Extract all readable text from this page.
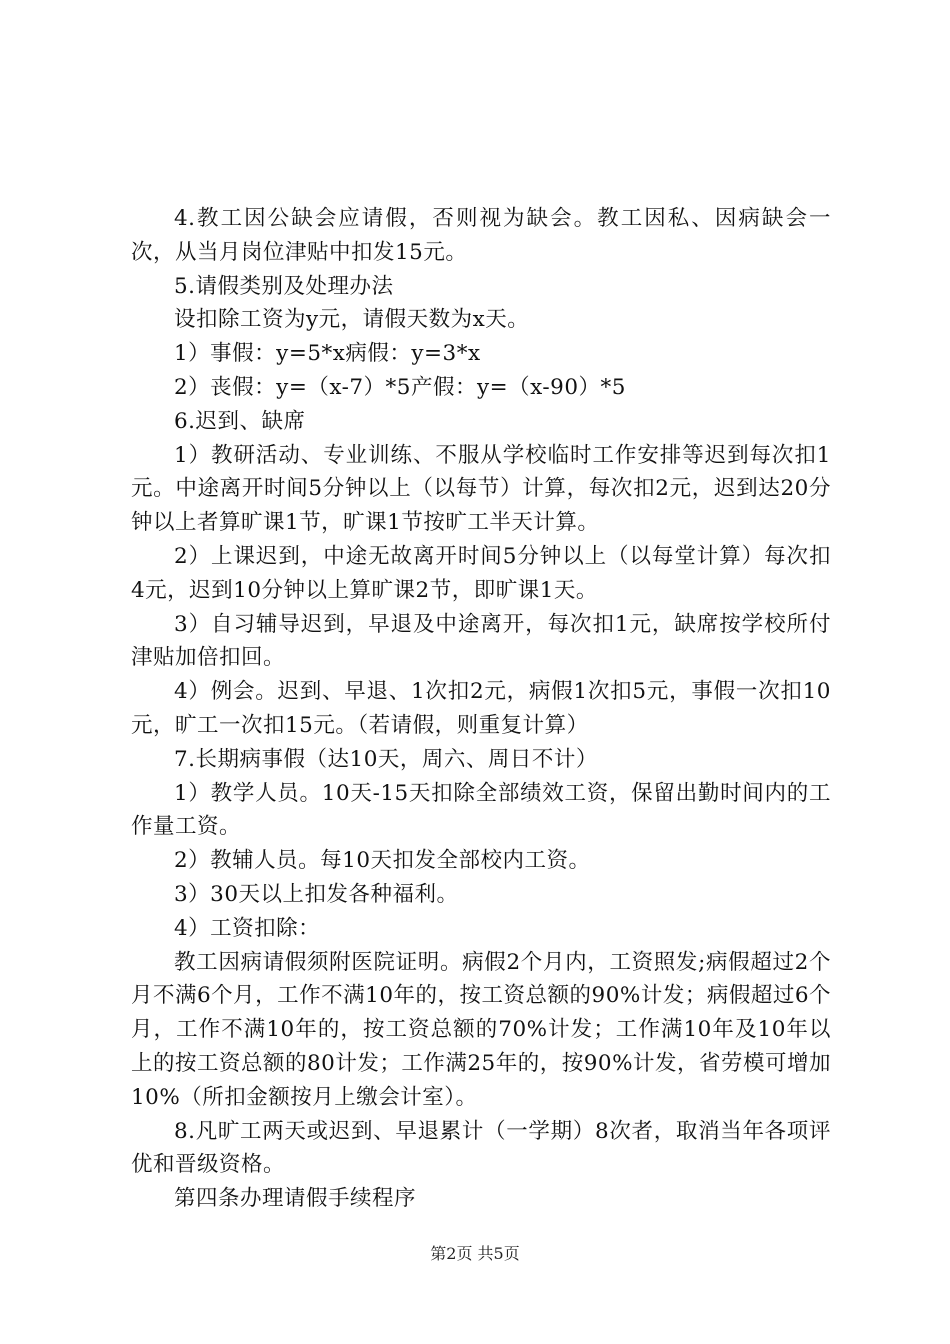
4.教工因公缺会应请假，否则视为缺会。教工因私、因病缺会一次，从当月岗位津贴中扣发15元。

5.请假类别及处理办法

设扣除工资为y元，请假天数为x天。

1）事假：y=5*x病假：y=3*x

2）丧假：y=（x-7）*5产假：y=（x-90）*5

6.迟到、缺席

1）教研活动、专业训练、不服从学校临时工作安排等迟到每次扣1元。中途离开时间5分钟以上（以每节）计算，每次扣2元，迟到达20分钟以上者算旷课1节，旷课1节按旷工半天计算。

2）上课迟到，中途无故离开时间5分钟以上（以每堂计算）每次扣4元，迟到10分钟以上算旷课2节，即旷课1天。

3）自习辅导迟到，早退及中途离开，每次扣1元，缺席按学校所付津贴加倍扣回。

4）例会。迟到、早退、1次扣2元，病假1次扣5元，事假一次扣10元，旷工一次扣15元。（若请假，则重复计算）

7.长期病事假（达10天，周六、周日不计）

1）教学人员。10天-15天扣除全部绩效工资，保留出勤时间内的工作量工资。

2）教辅人员。每10天扣发全部校内工资。

3）30天以上扣发各种福利。

4）工资扣除：

教工因病请假须附医院证明。病假2个月内，工资照发;病假超过2个月不满6个月，工作不满10年的，按工资总额的90%计发；病假超过6个月，工作不满10年的，按工资总额的70%计发；工作满10年及10年以上的按工资总额的80计发；工作满25年的，按90%计发，省劳模可增加10%（所扣金额按月上缴会计室）。

8.凡旷工两天或迟到、早退累计（一学期）8次者，取消当年各项评优和晋级资格。

第四条办理请假手续程序

第2页 共5页
